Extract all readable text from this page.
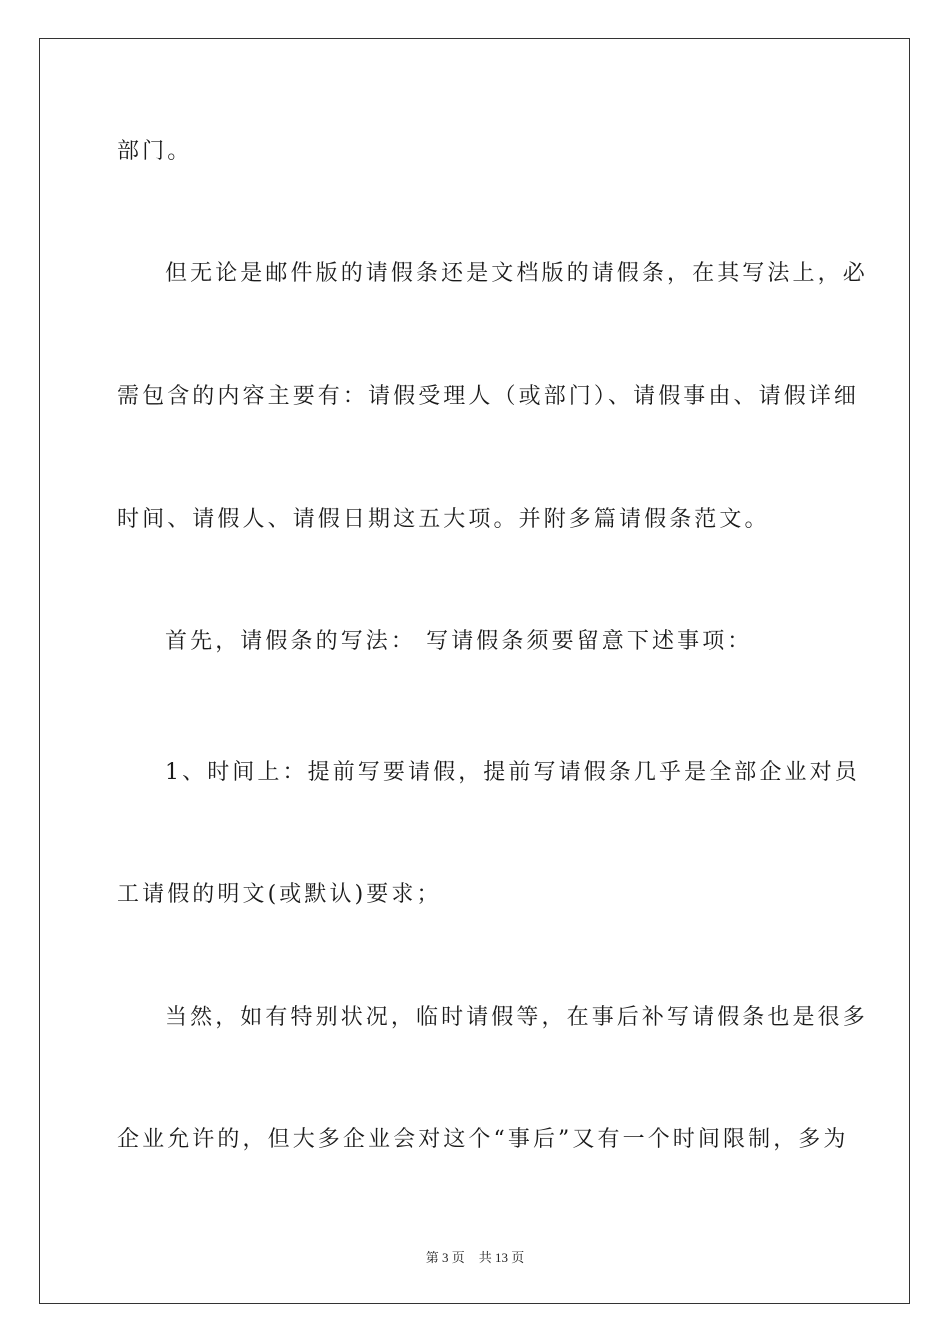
部门。
但无论是邮件版的请假条还是文档版的请假条，在其写法上，必
需包含的内容主要有：请假受理人（或部门）、请假事由、请假详细
时间、请假人、请假日期这五大项。并附多篇请假条范文。
首先，请假条的写法： 写请假条须要留意下述事项：
1、时间上：提前写要请假，提前写请假条几乎是全部企业对员
工请假的明文(或默认)要求；
当然，如有特别状况，临时请假等，在事后补写请假条也是很多
企业允许的，但大多企业会对这个“事后”又有一个时间限制，多为
第 3 页 共 13 页
